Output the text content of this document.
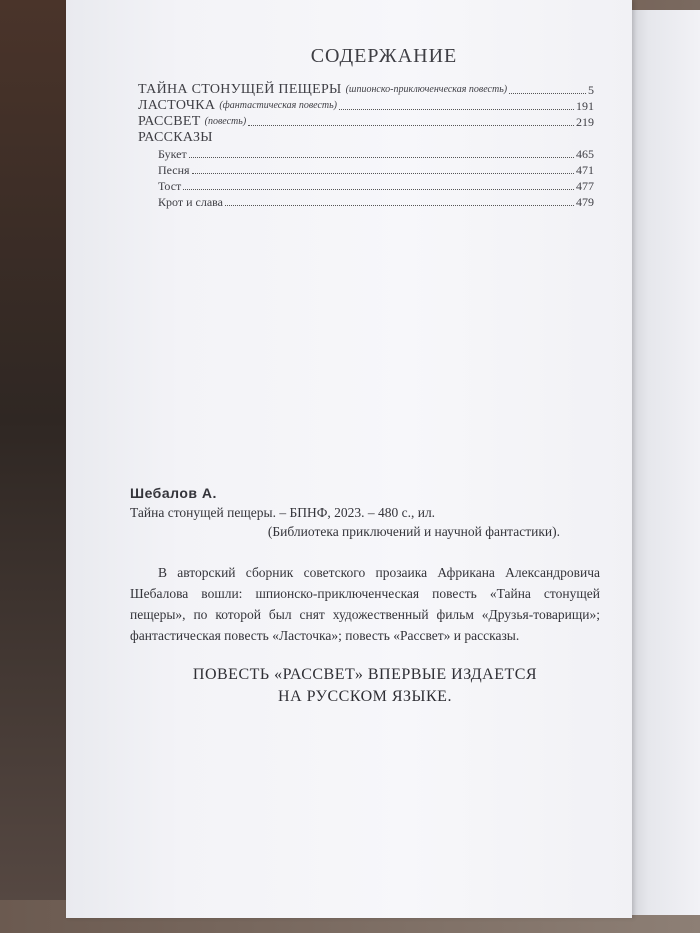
СОДЕРЖАНИЕ
ТАЙНА СТОНУЩЕЙ ПЕЩЕРЫ (шпионско-приключенческая повесть)	5
ЛАСТОЧКА (фантастическая повесть)	191
РАССВЕТ (повесть)	219
РАССКАЗЫ
Букет	465
Песня	471
Тост	477
Крот и слава	479
Шебалов А.
Тайна стонущей пещеры. – БПНФ, 2023. – 480 с., ил.
(Библиотека приключений и научной фантастики).
В авторский сборник советского прозаика Африкана Александровича Шебалова вошли: шпионско-приключенческая повесть «Тайна стонущей пещеры», по которой был снят художественный фильм «Друзья-товарищи»; фантастическая повесть «Ласточка»; повесть «Рассвет» и рассказы.
ПОВЕСТЬ «РАССВЕТ» ВПЕРВЫЕ ИЗДАЕТСЯ
НА РУССКОМ ЯЗЫКЕ.
